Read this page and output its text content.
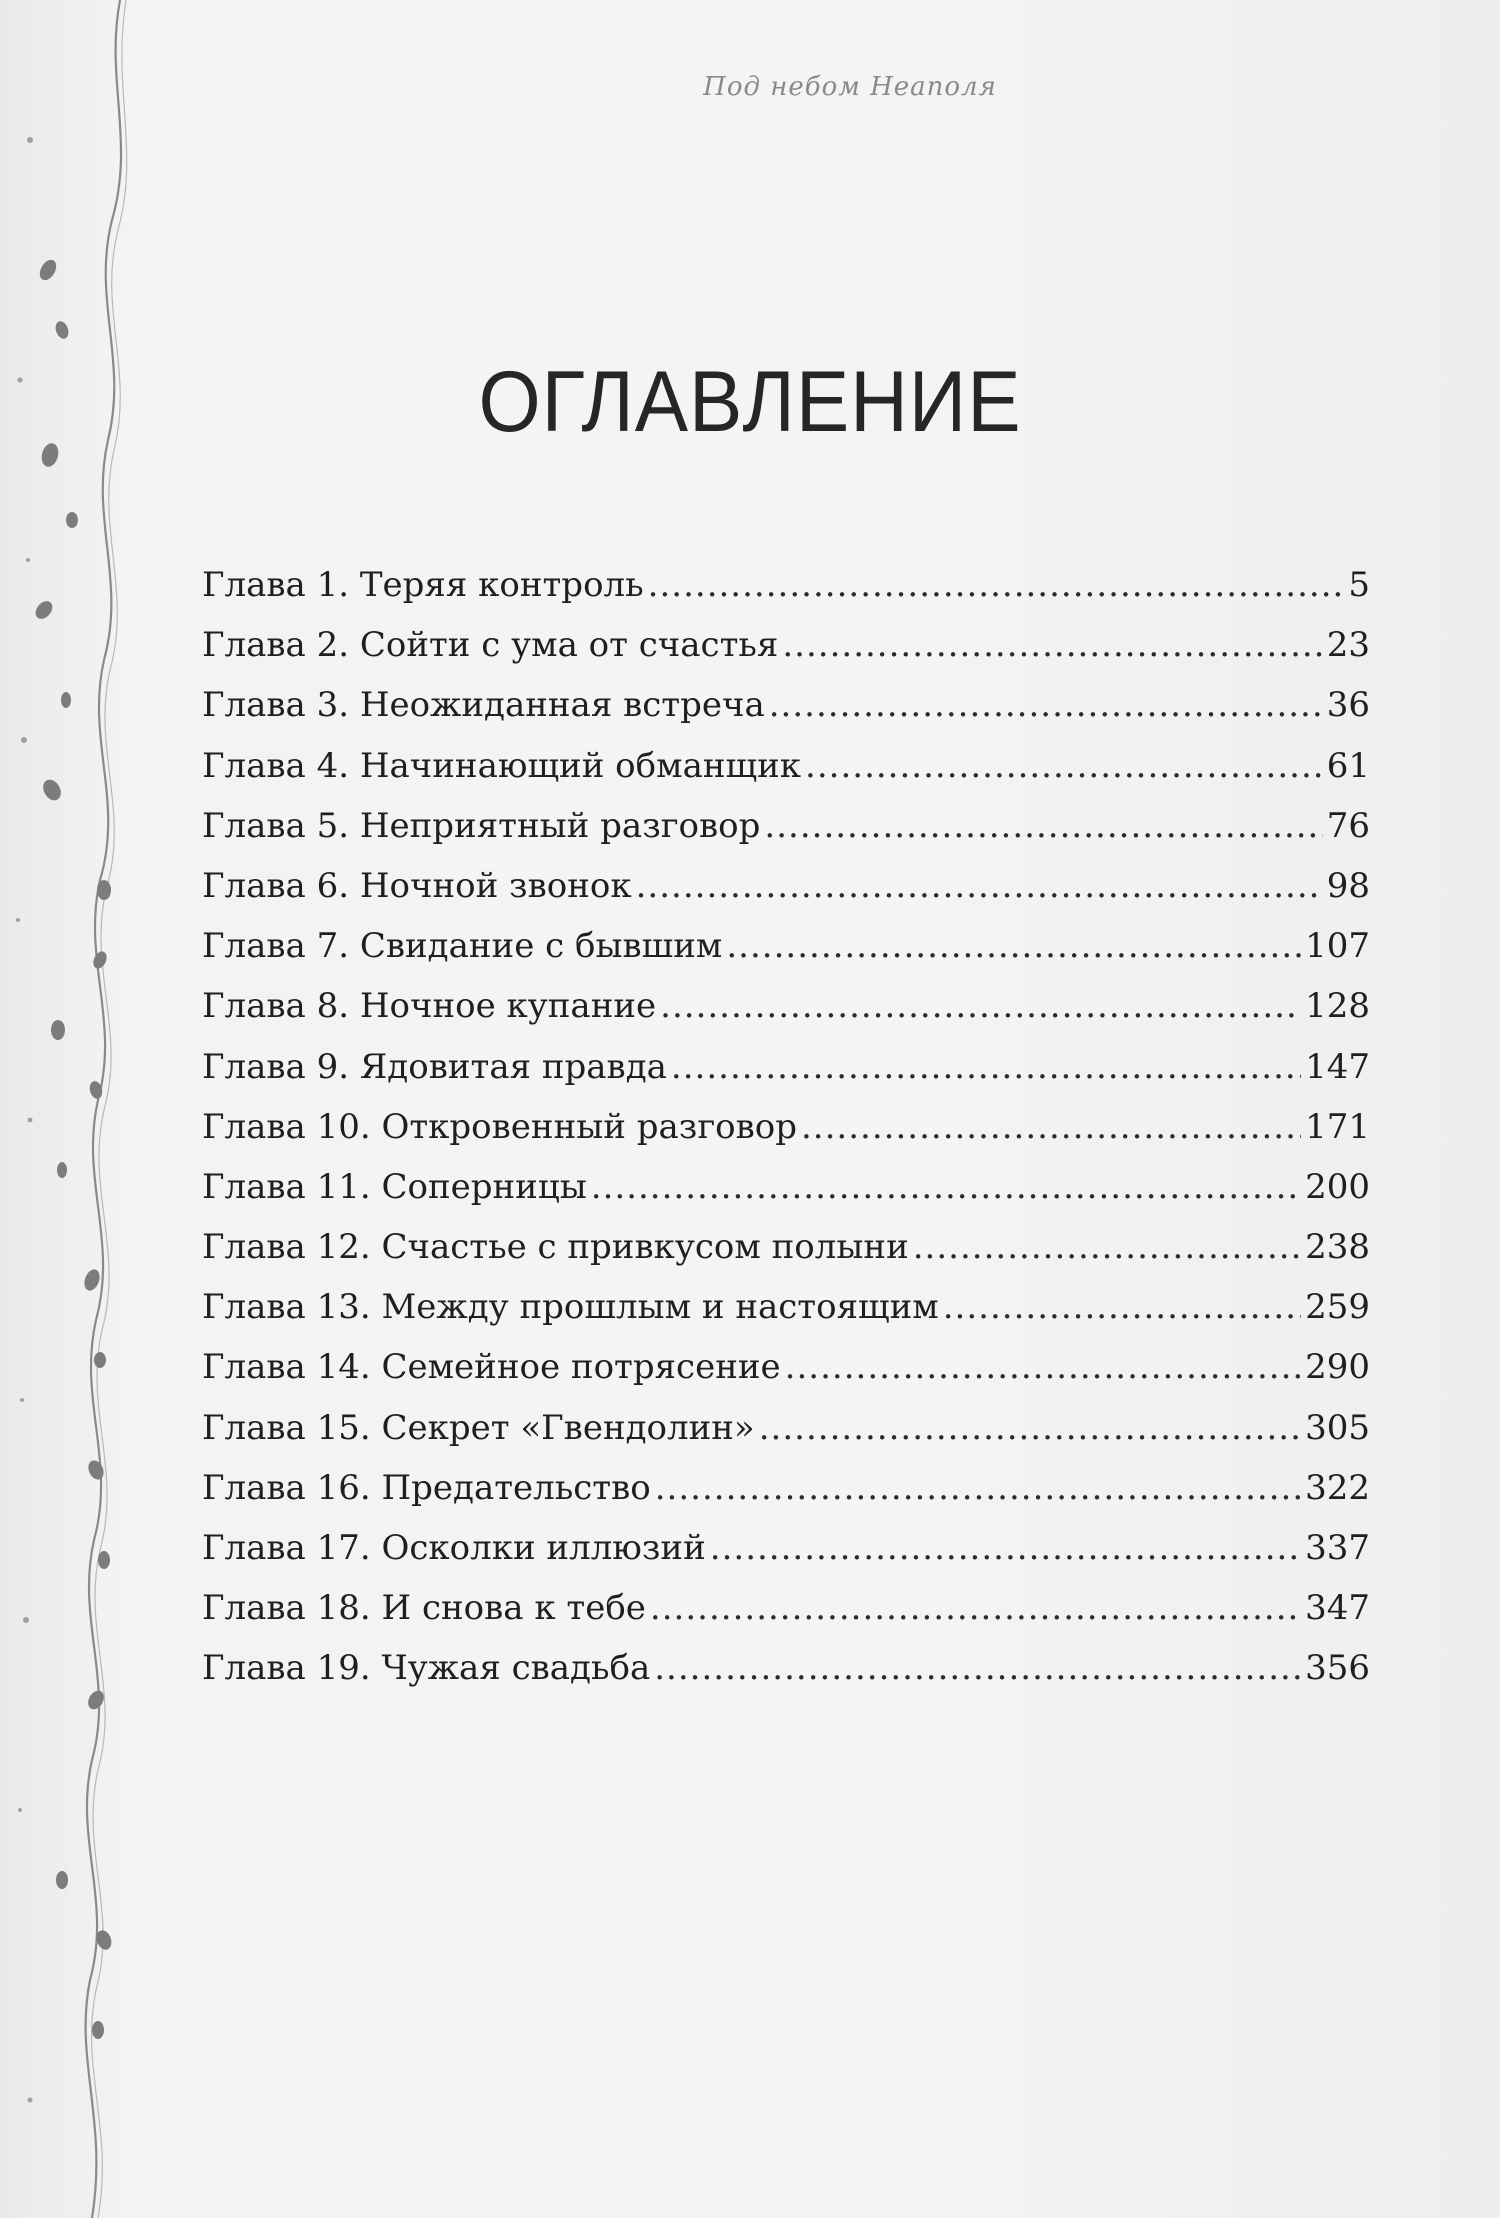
Под небом Неаполя
ОГЛАВЛЕНИЕ
Глава 1. Теряя контроль .....	5
Глава 2. Сойти с ума от счастья .....	23
Глава 3. Неожиданная встреча .....	36
Глава 4. Начинающий обманщик .....	61
Глава 5. Неприятный разговор .....	76
Глава 6. Ночной звонок .....	98
Глава 7. Свидание с бывшим .....	107
Глава 8. Ночное купание .....	128
Глава 9. Ядовитая правда .....	147
Глава 10. Откровенный разговор .....	171
Глава 11. Соперницы .....	200
Глава 12. Счастье с привкусом полыни .....	238
Глава 13. Между прошлым и настоящим .....	259
Глава 14. Семейное потрясение .....	290
Глава 15. Секрет «Гвендолин» .....	305
Глава 16. Предательство .....	322
Глава 17. Осколки иллюзий .....	337
Глава 18. И снова к тебе .....	347
Глава 19. Чужая свадьба .....	356
